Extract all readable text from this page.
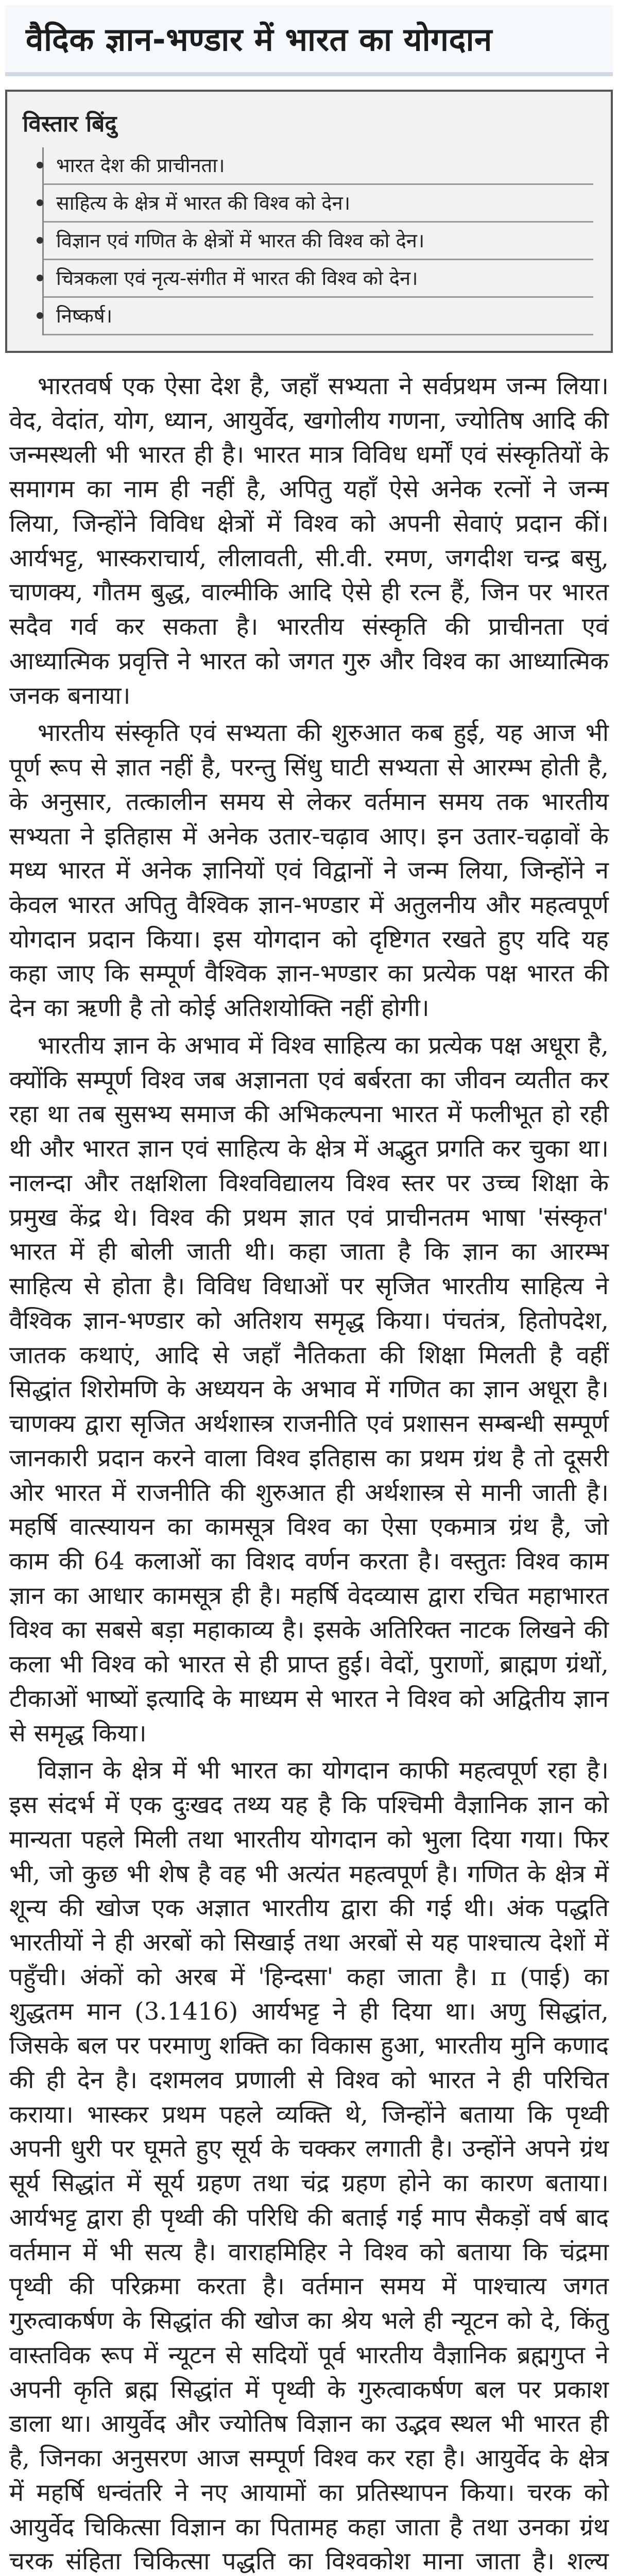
वैदिक ज्ञान-भण्डार में भारत का योगदान
विस्तार बिंदु
भारत देश की प्राचीनता।
साहित्य के क्षेत्र में भारत की विश्व को देन।
विज्ञान एवं गणित के क्षेत्रों में भारत की विश्व को देन।
चित्रकला एवं नृत्य-संगीत में भारत की विश्व को देन।
निष्कर्ष।

भारतवर्ष एक ऐसा देश है, जहाँ सभ्यता ने सर्वप्रथम जन्म लिया। वेद, वेदांत, योग, ध्यान, आयुर्वेद, खगोलीय गणना, ज्योतिष आदि की जन्मस्थली भी भारत ही है। भारत मात्र विविध धर्मों एवं संस्कृतियों के समागम का नाम ही नहीं है, अपितु यहाँ ऐसे अनेक रत्नों ने जन्म लिया, जिन्होंने विविध क्षेत्रों में विश्व को अपनी सेवाएं प्रदान कीं। आर्यभट्ट, भास्कराचार्य, लीलावती, सी.वी. रमण, जगदीश चन्द्र बसु, चाणक्य, गौतम बुद्ध, वाल्मीकि आदि ऐसे ही रत्न हैं, जिन पर भारत सदैव गर्व कर सकता है। भारतीय संस्कृति की प्राचीनता एवं आध्यात्मिक प्रवृत्ति ने भारत को जगत गुरु और विश्व का आध्यात्मिक जनक बनाया।

भारतीय संस्कृति एवं सभ्यता की शुरुआत कब हुई, यह आज भी पूर्ण रूप से ज्ञात नहीं है, परन्तु सिंधु घाटी सभ्यता से आरम्भ होती है, के अनुसार, तत्कालीन समय से लेकर वर्तमान समय तक भारतीय सभ्यता ने इतिहास में अनेक उतार-चढ़ाव आए। इन उतार-चढ़ावों के मध्य भारत में अनेक ज्ञानियों एवं विद्वानों ने जन्म लिया, जिन्होंने न केवल भारत अपितु वैश्विक ज्ञान-भण्डार में अतुलनीय और महत्वपूर्ण योगदान प्रदान किया। इस योगदान को दृष्टिगत रखते हुए यदि यह कहा जाए कि सम्पूर्ण वैश्विक ज्ञान-भण्डार का प्रत्येक पक्ष भारत की देन का ऋणी है तो कोई अतिशयोक्ति नहीं होगी।

भारतीय ज्ञान के अभाव में विश्व साहित्य का प्रत्येक पक्ष अधूरा है, क्योंकि सम्पूर्ण विश्व जब अज्ञानता एवं बर्बरता का जीवन व्यतीत कर रहा था तब सुसभ्य समाज की अभिकल्पना भारत में फलीभूत हो रही थी और भारत ज्ञान एवं साहित्य के क्षेत्र में अद्भुत प्रगति कर चुका था। नालन्दा और तक्षशिला विश्वविद्यालय विश्व स्तर पर उच्च शिक्षा के प्रमुख केंद्र थे। विश्व की प्रथम ज्ञात एवं प्राचीनतम भाषा 'संस्कृत' भारत में ही बोली जाती थी। कहा जाता है कि ज्ञान का आरम्भ साहित्य से होता है। विविध विधाओं पर सृजित भारतीय साहित्य ने वैश्विक ज्ञान-भण्डार को अतिशय समृद्ध किया। पंचतंत्र, हितोपदेश, जातक कथाएं, आदि से जहाँ नैतिकता की शिक्षा मिलती है वहीं सिद्धांत शिरोमणि के अध्ययन के अभाव में गणित का ज्ञान अधूरा है। चाणक्य द्वारा सृजित अर्थशास्त्र राजनीति एवं प्रशासन सम्बन्धी सम्पूर्ण जानकारी प्रदान करने वाला विश्व इतिहास का प्रथम ग्रंथ है तो दूसरी ओर भारत में राजनीति की शुरुआत ही अर्थशास्त्र से मानी जाती है। महर्षि वात्स्यायन का कामसूत्र विश्व का ऐसा एकमात्र ग्रंथ है, जो काम की 64 कलाओं का विशद वर्णन करता है। वस्तुतः विश्व काम ज्ञान का आधार कामसूत्र ही है। महर्षि वेदव्यास द्वारा रचित महाभारत विश्व का सबसे बड़ा महाकाव्य है। इसके अतिरिक्त नाटक लिखने की कला भी विश्व को भारत से ही प्राप्त हुई। वेदों, पुराणों, ब्राह्मण ग्रंथों, टीकाओं भाष्यों इत्यादि के माध्यम से भारत ने विश्व को अद्वितीय ज्ञान से समृद्ध किया।

विज्ञान के क्षेत्र में भी भारत का योगदान काफी महत्वपूर्ण रहा है। इस संदर्भ में एक दुःखद तथ्य यह है कि पश्चिमी वैज्ञानिक ज्ञान को मान्यता पहले मिली तथा भारतीय योगदान को भुला दिया गया। फिर भी, जो कुछ भी शेष है वह भी अत्यंत महत्वपूर्ण है। गणित के क्षेत्र में शून्य की खोज एक अज्ञात भारतीय द्वारा की गई थी। अंक पद्धति भारतीयों ने ही अरबों को सिखाई तथा अरबों से यह पाश्चात्य देशों में पहुँची। अंकों को अरब में 'हिन्दसा' कहा जाता है। π (पाई) का शुद्धतम मान (3.1416) आर्यभट्ट ने ही दिया था। अणु सिद्धांत, जिसके बल पर परमाणु शक्ति का विकास हुआ, भारतीय मुनि कणाद की ही देन है। दशमलव प्रणाली से विश्व को भारत ने ही परिचित कराया। भास्कर प्रथम पहले व्यक्ति थे, जिन्होंने बताया कि पृथ्वी अपनी धुरी पर घूमते हुए सूर्य के चक्कर लगाती है। उन्होंने अपने ग्रंथ सूर्य सिद्धांत में सूर्य ग्रहण तथा चंद्र ग्रहण होने का कारण बताया। आर्यभट्ट द्वारा ही पृथ्वी की परिधि की बताई गई माप सैकड़ों वर्ष बाद वर्तमान में भी सत्य है। वाराहमिहिर ने विश्व को बताया कि चंद्रमा पृथ्वी की परिक्रमा करता है। वर्तमान समय में पाश्चात्य जगत गुरुत्वाकर्षण के सिद्धांत की खोज का श्रेय भले ही न्यूटन को दे, किंतु वास्तविक रूप में न्यूटन से सदियों पूर्व भारतीय वैज्ञानिक ब्रह्मगुप्त ने अपनी कृति ब्रह्म सिद्धांत में पृथ्वी के गुरुत्वाकर्षण बल पर प्रकाश डाला था। आयुर्वेद और ज्योतिष विज्ञान का उद्भव स्थल भी भारत ही है, जिनका अनुसरण आज सम्पूर्ण विश्व कर रहा है। आयुर्वेद के क्षेत्र में महर्षि धन्वंतरि ने नए आयामों का प्रतिस्थापन किया। चरक को आयुर्वेद चिकित्सा विज्ञान का पितामह कहा जाता है तथा उनका ग्रंथ चरक संहिता चिकित्सा पद्धति का विश्वकोश माना जाता है। शल्य
